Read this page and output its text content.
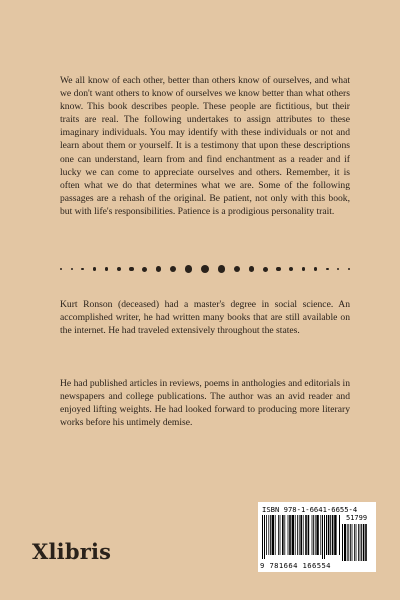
We all know of each other, better than others know of ourselves, and what we don't want others to know of ourselves we know better than what others know. This book describes people. These people are fictitious, but their traits are real. The following undertakes to assign attributes to these imaginary individuals. You may identify with these individuals or not and learn about them or yourself. It is a testimony that upon these descriptions one can understand, learn from and find enchantment as a reader and if lucky we can come to appreciate ourselves and others. Remember, it is often what we do that determines what we are. Some of the following passages are a rehash of the original. Be patient, not only with this book, but with life's responsibilities. Patience is a prodigious personality trait.

Kurt Ronson (deceased) had a master's degree in social science. An accomplished writer, he had written many books that are still available on the internet. He had traveled extensively throughout the states.

He had published articles in reviews, poems in anthologies and editorials in newspapers and college publications. The author was an avid reader and enjoyed lifting weights. He had looked forward to producing more literary works before his untimely demise.

Xlibris
ISBN 978-1-6641-6655-4
51799
9 781664 166554
